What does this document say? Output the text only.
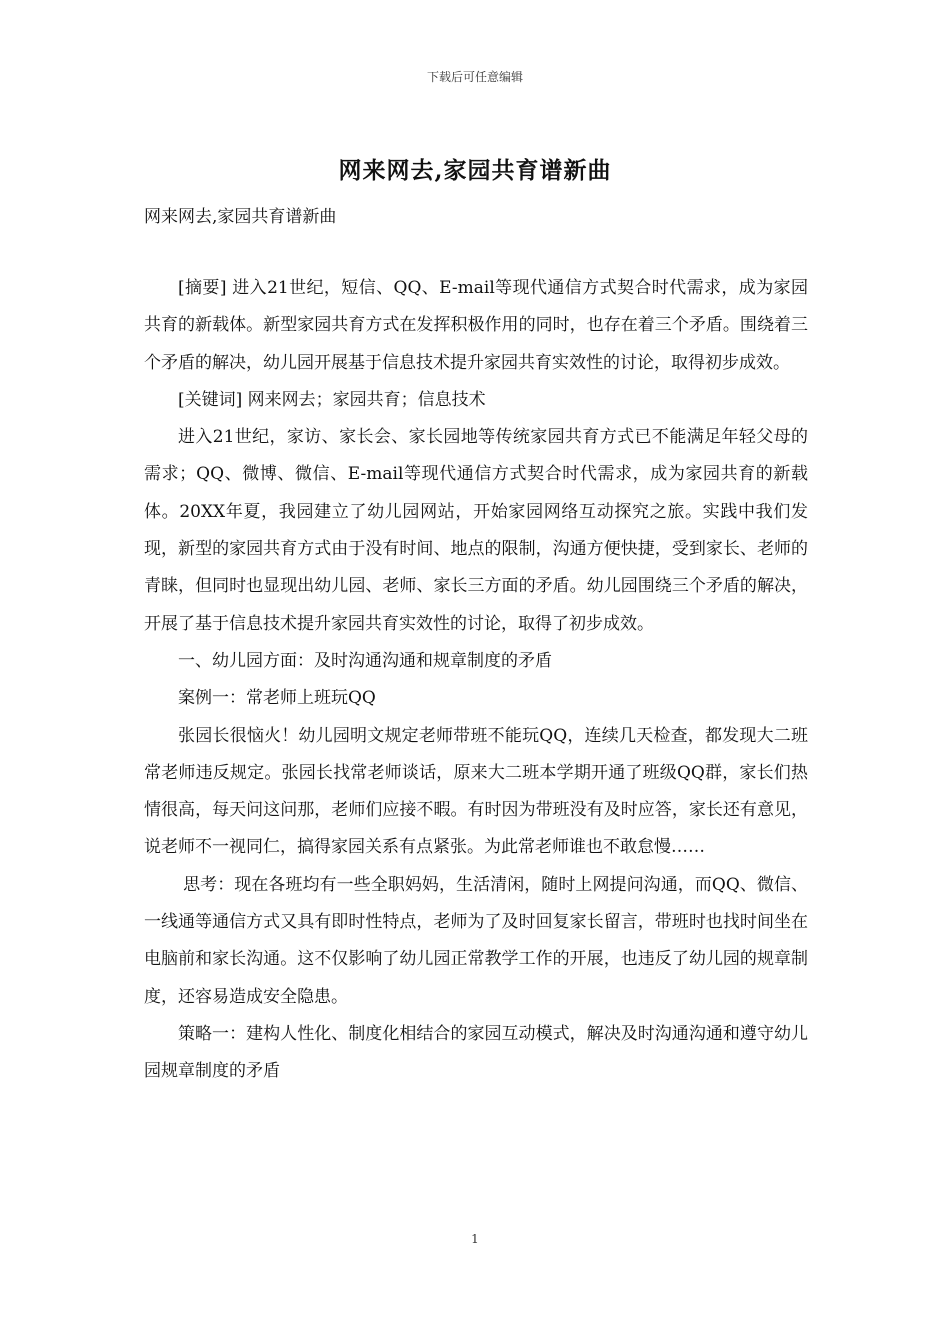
下载后可任意编辑
网来网去,家园共育谱新曲
网来网去,家园共育谱新曲

[摘要] 进入21世纪，短信、QQ、E-mail等现代通信方式契合时代需求，成为家园共育的新载体。新型家园共育方式在发挥积极作用的同时，也存在着三个矛盾。围绕着三个矛盾的解决，幼儿园开展基于信息技术提升家园共育实效性的讨论，取得初步成效。

[关键词] 网来网去；家园共育；信息技术

进入21世纪，家访、家长会、家长园地等传统家园共育方式已不能满足年轻父母的需求；QQ、微博、微信、E-mail等现代通信方式契合时代需求，成为家园共育的新载体。20XX年夏，我园建立了幼儿园网站，开始家园网络互动探究之旅。实践中我们发现，新型的家园共育方式由于没有时间、地点的限制，沟通方便快捷，受到家长、老师的青睐，但同时也显现出幼儿园、老师、家长三方面的矛盾。幼儿园围绕三个矛盾的解决，开展了基于信息技术提升家园共育实效性的讨论，取得了初步成效。

一、幼儿园方面：及时沟通沟通和规章制度的矛盾

案例一：常老师上班玩QQ

张园长很恼火！幼儿园明文规定老师带班不能玩QQ，连续几天检查，都发现大二班常老师违反规定。张园长找常老师谈话，原来大二班本学期开通了班级QQ群，家长们热情很高，每天问这问那，老师们应接不暇。有时因为带班没有及时应答，家长还有意见，说老师不一视同仁，搞得家园关系有点紧张。为此常老师谁也不敢怠慢……

思考：现在各班均有一些全职妈妈，生活清闲，随时上网提问沟通，而QQ、微信、一线通等通信方式又具有即时性特点，老师为了及时回复家长留言，带班时也找时间坐在电脑前和家长沟通。这不仅影响了幼儿园正常教学工作的开展，也违反了幼儿园的规章制度，还容易造成安全隐患。

策略一：建构人性化、制度化相结合的家园互动模式，解决及时沟通沟通和遵守幼儿园规章制度的矛盾

1
